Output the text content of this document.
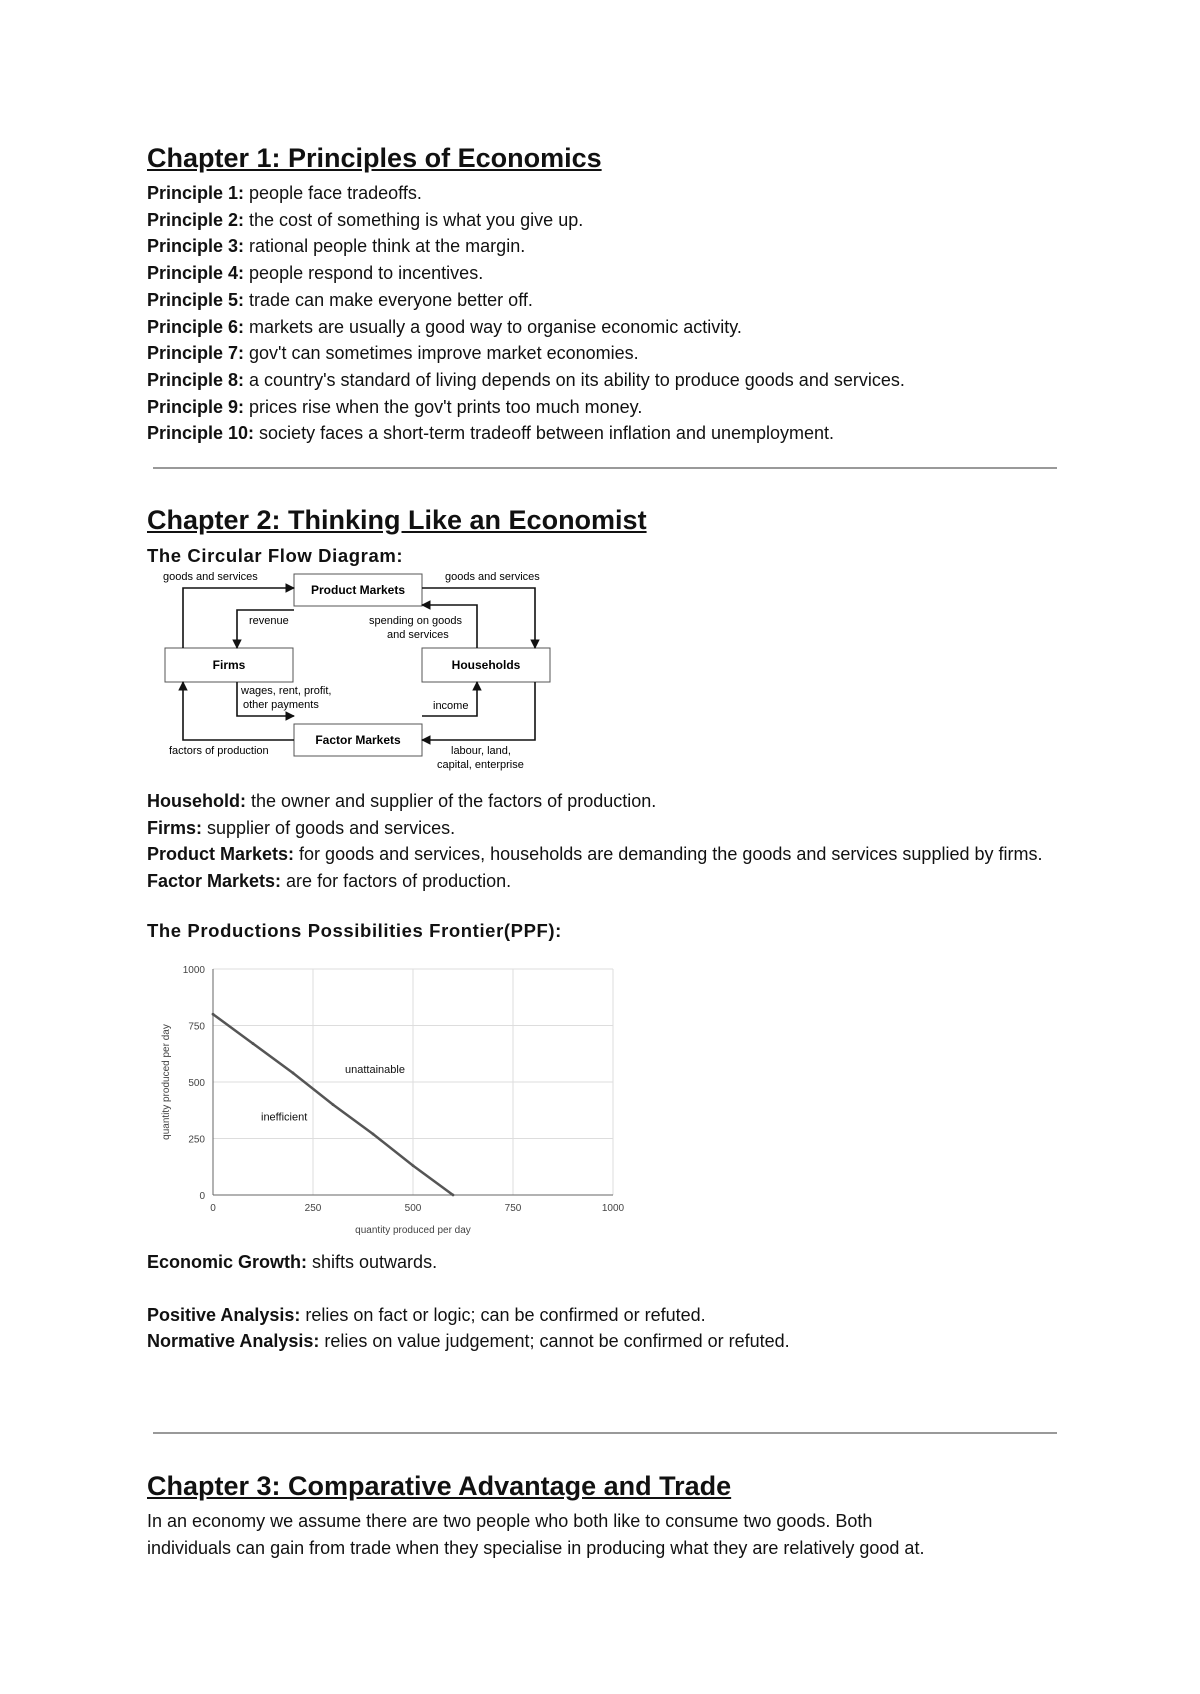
Chapter 1: Principles of Economics

Principle 1: people face tradeoffs.

Principle 2: the cost of something is what you give up.

Principle 3: rational people think at the margin.

Principle 4: people respond to incentives.

Principle 5: trade can make everyone better off.

Principle 6: markets are usually a good way to organise economic activity.

Principle 7: gov't can sometimes improve market economies.

Principle 8: a country's standard of living depends on its ability to produce goods and services.

Principle 9: prices rise when the gov't prints too much money.

Principle 10: society faces a short-term tradeoff between inflation and unemployment.

Chapter 2: Thinking Like an Economist

The Circular Flow Diagram:

Product Markets
Firms	Households
Factor Markets
goods and services	goods and services
revenue	spending on goods
and services
wages, rent, profit,
other payments	income
factors of production	labour, land,
capital, enterprise

Household: the owner and supplier of the factors of production.

Firms: supplier of goods and services.

Product Markets: for goods and services, households are demanding the goods and services supplied by firms.

Factor Markets: are for factors of production.

The Productions Possibilities Frontier(PPF):

0	250	500	750	1000
0
250
500
750
1000
unattainable
inefficient
quantity produced per day
quantity produced per day

Economic Growth: shifts outwards.

Positive Analysis: relies on fact or logic; can be confirmed or refuted.

Normative Analysis: relies on value judgement; cannot be confirmed or refuted.

Chapter 3: Comparative Advantage and Trade

In an economy we assume there are two people who both like to consume two goods. Both

individuals can gain from trade when they specialise in producing what they are relatively good at.
